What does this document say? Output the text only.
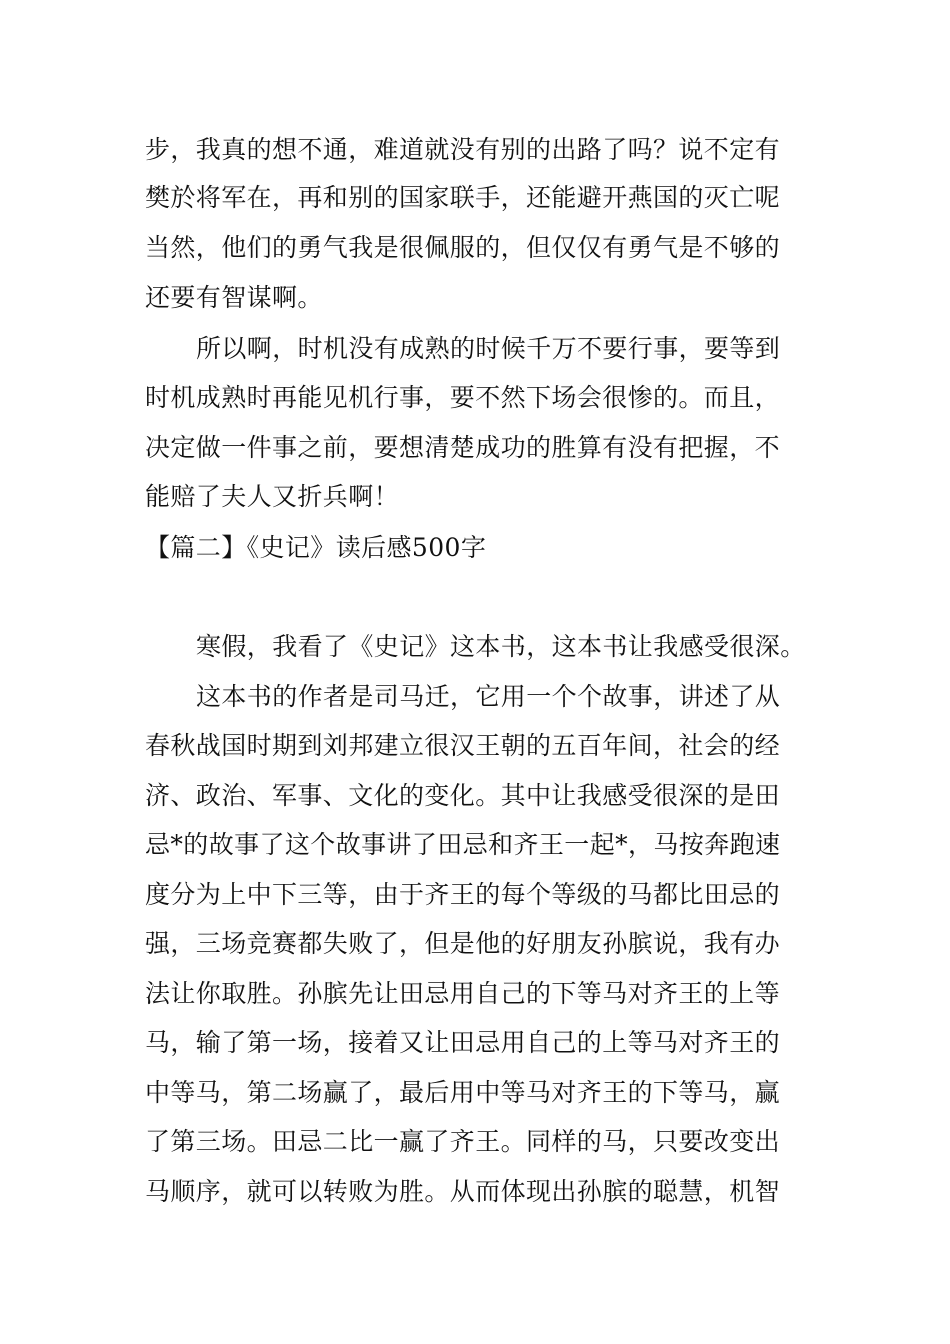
步，我真的想不通，难道就没有别的出路了吗？说不定有
樊於将军在，再和别的国家联手，还能避开燕国的灭亡呢
当然，他们的勇气我是很佩服的，但仅仅有勇气是不够的
还要有智谋啊。
所以啊，时机没有成熟的时候千万不要行事，要等到
时机成熟时再能见机行事，要不然下场会很惨的。而且，
决定做一件事之前，要想清楚成功的胜算有没有把握，不
能赔了夫人又折兵啊！
【篇二】《史记》读后感500字
寒假，我看了《史记》这本书，这本书让我感受很深。
这本书的作者是司马迁，它用一个个故事，讲述了从
春秋战国时期到刘邦建立很汉王朝的五百年间，社会的经
济、政治、军事、文化的变化。其中让我感受很深的是田
忌*的故事了这个故事讲了田忌和齐王一起*，马按奔跑速
度分为上中下三等，由于齐王的每个等级的马都比田忌的
强，三场竞赛都失败了，但是他的好朋友孙膑说，我有办
法让你取胜。孙膑先让田忌用自己的下等马对齐王的上等
马，输了第一场，接着又让田忌用自己的上等马对齐王的
中等马，第二场赢了，最后用中等马对齐王的下等马，赢
了第三场。田忌二比一赢了齐王。同样的马，只要改变出
马顺序，就可以转败为胜。从而体现出孙膑的聪慧，机智
